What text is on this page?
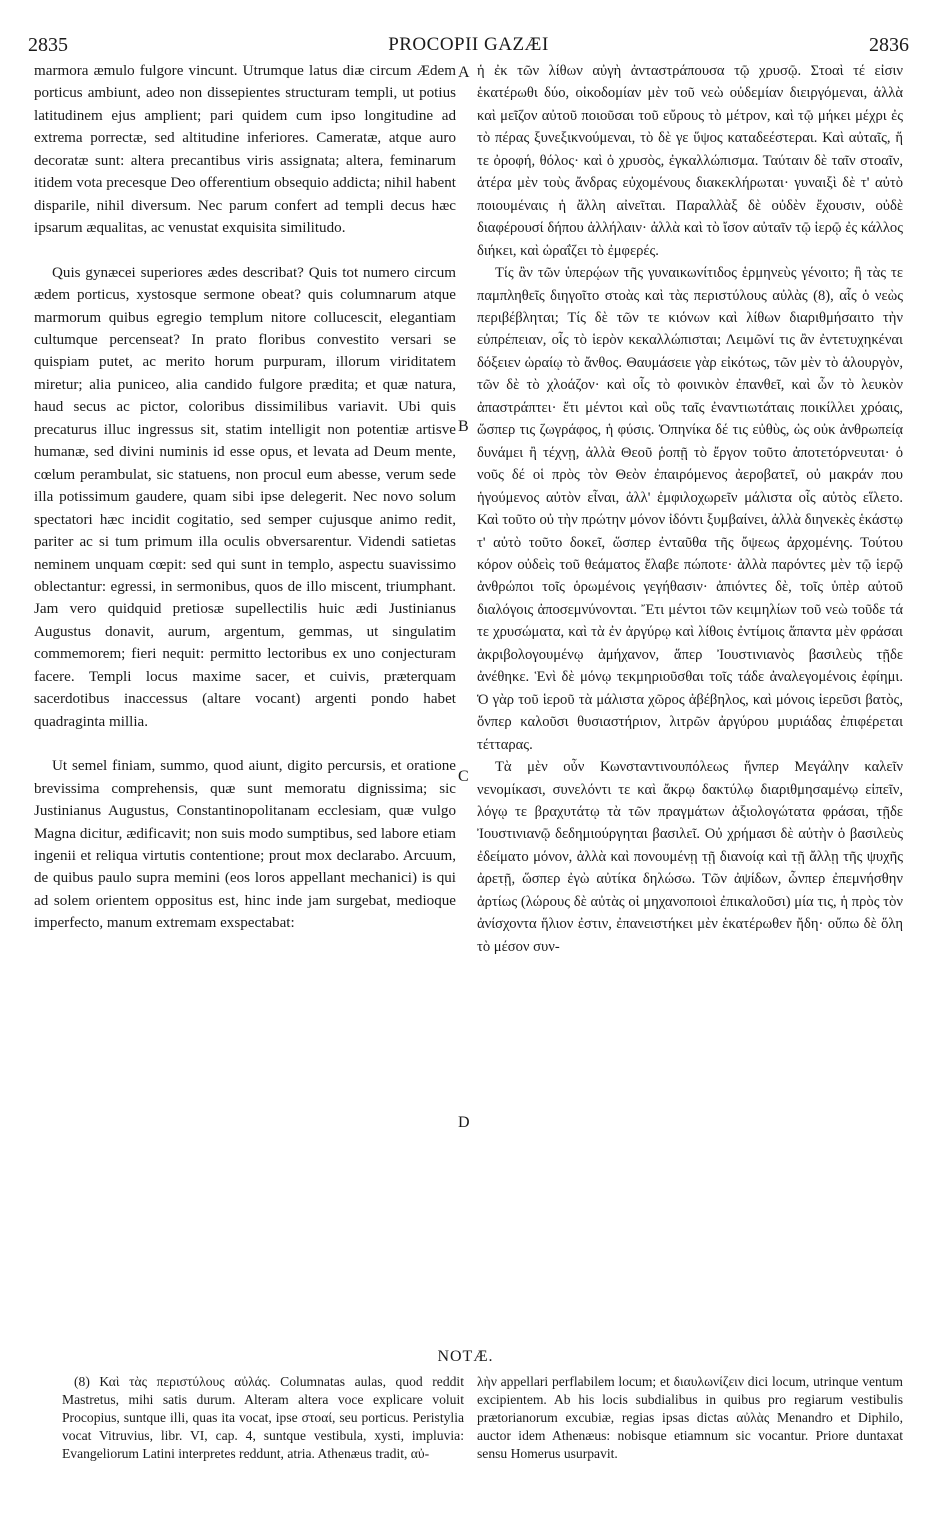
2835	PROCOPII GAZÆI	2836

marmora æmulo fulgore vincunt. Utrumque latus diæ circum Ædem porticus ambiunt, adeo non dissepientes structuram templi, ut potius latitudinem ejus amplient; pari quidem cum ipso longitudine ad extrema porrectæ, sed altitudine inferiores. Cameratæ, atque auro decoratæ sunt: altera precantibus viris assignata; altera, feminarum itidem vota precesque Deo offerentium obsequio addicta; nihil habent disparile, nihil diversum. Nec parum confert ad templi decus hæc ipsarum æqualitas, ac venustat exquisita similitudo.

Quis gynæcei superiores ædes describat? Quis tot numero circum ædem porticus, xystosque sermone obeat? quis columnarum atque marmorum quibus egregio templum nitore collucescit, elegantiam cultumque percenseat? In prato floribus convestito versari se quispiam putet, ac merito horum purpuram, illorum viriditatem miretur; alia puniceo, alia candido fulgore prædita; et quæ natura, haud secus ac pictor, coloribus dissimilibus variavit. Ubi quis precaturus illuc ingressus sit, statim intelligit non potentiæ artisve humanæ, sed divini numinis id esse opus, et levata ad Deum mente, cœlum perambulat, sic statuens, non procul eum abesse, verum sede illa potissimum gaudere, quam sibi ipse delegerit. Nec novo solum spectatori hæc incidit cogitatio, sed semper cujusque animo redit, pariter ac si tum primum illa oculis obversarentur. Videndi satietas neminem unquam cœpit: sed qui sunt in templo, aspectu suavissimo oblectantur: egressi, in sermonibus, quos de illo miscent, triumphant. Jam vero quidquid pretiosæ supellectilis huic ædi Justinianus Augustus donavit, aurum, argentum, gemmas, ut singulatim commemorem; fieri nequit: permitto lectoribus ex uno conjecturam facere. Templi locus maxime sacer, et cuivis, præterquam sacerdotibus inaccessus (altare vocant) argenti pondo habet quadraginta millia.

Ut semel finiam, summo, quod aiunt, digito percursis, et oratione brevissima comprehensis, quæ sunt memoratu dignissima; sic Justinianus Augustus, Constantinopolitanam ecclesiam, quæ vulgo Magna dicitur, ædificavit; non suis modo sumptibus, sed labore etiam ingenii et reliqua virtutis contentione; prout mox declarabo. Arcuum, de quibus paulo supra memini (eos loros appellant mechanici) is qui ad solem orientem oppositus est, hinc inde jam surgebat, medioque imperfecto, manum extremam exspectabat:

ἡ ἐκ τῶν λίθων αὐγὴ ἀνταστράπουσα τῷ χρυσῷ. Στοαὶ τέ εἰσιν ἑκατέρωθι δύο, οἰκοδομίαν μὲν τοῦ νεὼ οὐδεμίαν διειργόμεναι, ἀλλὰ καὶ μεῖζον αὐτοῦ ποιοῦσαι τοῦ εὔρους τὸ μέτρον, καὶ τῷ μήκει μέχρι ἐς τὸ πέρας ξυνεξικνούμεναι, τὸ δὲ γε ὕψος καταδεέστεραι. Καὶ αὐταῖς, ἥ τε ὀροφή, θόλος· καὶ ὁ χρυσὸς, ἐγκαλλώπισμα. Ταύταιν δὲ ταῖν στοαῖν, ἁτέρα μὲν τοὺς ἄνδρας εὐχομένους διακεκλήρωται· γυναιξὶ δὲ τ' αὐτὸ ποιουμέναις ἡ ἄλλη αἰνεῖται. Παραλλὰξ δὲ οὐδὲν ἔχουσιν, οὐδὲ διαφέρουσί δήπου ἀλλήλαιν· ἀλλὰ καὶ τὸ ἴσον αὐταῖν τῷ ἱερῷ ἐς κάλλος διήκει, καὶ ὡραΐζει τὸ ἐμφερές.

Τίς ἂν τῶν ὑπερῴων τῆς γυναικωνίτιδος ἑρμηνεὺς γένοιτο; ἢ τὰς τε παμπληθεῖς διηγοῖτο στοὰς καὶ τὰς περιστύλους αὐλὰς (8), αἷς ὁ νεὼς περιβέβληται; Τίς δὲ τῶν τε κιόνων καὶ λίθων διαριθμήσαιτο τὴν εὐπρέπειαν, οἷς τὸ ἱερὸν κεκαλλώπισται; Λειμῶνί τις ἂν ἐντετυχηκέναι δόξειεν ὡραίῳ τὸ ἄνθος. Θαυμάσειε γὰρ εἰκότως, τῶν μὲν τὸ ἁλουργὸν, τῶν δὲ τὸ χλοάζον· καὶ οἷς τὸ φοινικὸν ἐπανθεῖ, καὶ ὧν τὸ λευκὸν ἀπαστράπτει· ἔτι μέντοι καὶ οὓς ταῖς ἐναντιωτάταις ποικίλλει χρόαις, ὥσπερ τις ζωγράφος, ἡ φύσις. Ὁπηνίκα δέ τις εὐθὺς, ὡς οὐκ ἀνθρωπείᾳ δυνάμει ἢ τέχνῃ, ἀλλὰ Θεοῦ ῥοπῇ τὸ ἔργον τοῦτο ἀποτετόρνευται· ὁ νοῦς δέ οἱ πρὸς τὸν Θεὸν ἐπαιρόμενος ἀεροβατεῖ, οὐ μακράν που ἡγούμενος αὐτὸν εἶναι, ἀλλ' ἐμφιλοχωρεῖν μάλιστα οἷς αὐτὸς εἵλετο. Καὶ τοῦτο οὐ τὴν πρώτην μόνον ἰδόντι ξυμβαίνει, ἀλλὰ διηνεκὲς ἑκάστῳ τ' αὐτὸ τοῦτο δοκεῖ, ὥσπερ ἐνταῦθα τῆς ὄψεως ἀρχομένης. Τούτου κόρον οὐδεὶς τοῦ θεάματος ἔλαβε πώποτε· ἀλλὰ παρόντες μὲν τῷ ἱερῷ ἀνθρώποι τοῖς ὁρωμένοις γεγήθασιν· ἀπιόντες δὲ, τοῖς ὑπὲρ αὐτοῦ διαλόγοις ἀποσεμνύνονται. Ἔτι μέντοι τῶν κειμηλίων τοῦ νεὼ τοῦδε τά τε χρυσώματα, καὶ τὰ ἐν ἀργύρῳ καὶ λίθοις ἐντίμοις ἅπαντα μὲν φράσαι ἀκριβολογουμένῳ ἀμήχανον, ἅπερ Ἰουστινιανὸς βασιλεὺς τῇδε ἀνέθηκε. Ἑνὶ δὲ μόνῳ τεκμηριοῦσθαι τοῖς τάδε ἀναλεγομένοις ἐφίημι. Ὁ γὰρ τοῦ ἱεροῦ τὰ μάλιστα χῶρος ἀβέβηλος, καὶ μόνοις ἱερεῦσι βατὸς, ὅνπερ καλοῦσι θυσιαστήριον, λιτρῶν ἀργύρου μυριάδας ἐπιφέρεται τέτταρας.

Τὰ μὲν οὖν Κωνσταντινουπόλεως ἥνπερ Μεγάλην καλεῖν νενομίκασι, συνελόντι τε καὶ ἄκρῳ δακτύλῳ διαριθμησαμένῳ εἰπεῖν, λόγῳ τε βραχυτάτῳ τὰ τῶν πραγμάτων ἀξιολογώτατα φράσαι, τῇδε Ἰουστινιανῷ δεδημιούργηται βασιλεῖ. Οὐ χρήμασι δὲ αὐτὴν ὁ βασιλεὺς ἐδείματο μόνον, ἀλλὰ καὶ πονουμένῃ τῇ διανοίᾳ καὶ τῇ ἄλλῃ τῆς ψυχῆς ἀρετῇ, ὥσπερ ἐγὼ αὐτίκα δηλώσω. Τῶν ἀψίδων, ὧνπερ ἐπεμνήσθην ἀρτίως (λώρους δὲ αὐτὰς οἱ μηχανοποιοὶ ἐπικαλοῦσι) μία τις, ἡ πρὸς τὸν ἀνίσχοντα ἥλιον ἐστιν, ἐπανειστήκει μὲν ἑκατέρωθεν ἤδη· οὔπω δὲ ὅλη τὸ μέσον συν-

A
B
C
D
NOTÆ.
(8) Καὶ τὰς περιστύλους αὐλάς. Columnatas aulas, quod reddit Mastretus, mihi satis durum. Alteram altera voce explicare voluit Procopius, suntque illi, quas ita vocat, ipse στοαί, seu porticus. Peristylia vocat Vitruvius, libr. VI, cap. 4, suntque vestibula, xysti, impluvia: Evangeliorum Latini interpretes reddunt, atria. Athenæus tradit, αὐ-
λὴν appellari perflabilem locum; et διαυλωνίζειν dici locum, utrinque ventum excipientem. Ab his locis subdialibus in quibus pro regiarum vestibulis prætorianorum excubiæ, regias ipsas dictas αὐλὰς Menandro et Diphilo, auctor idem Athenæus: nobisque etiamnum sic vocantur. Priore duntaxat sensu Homerus usurpavit.
